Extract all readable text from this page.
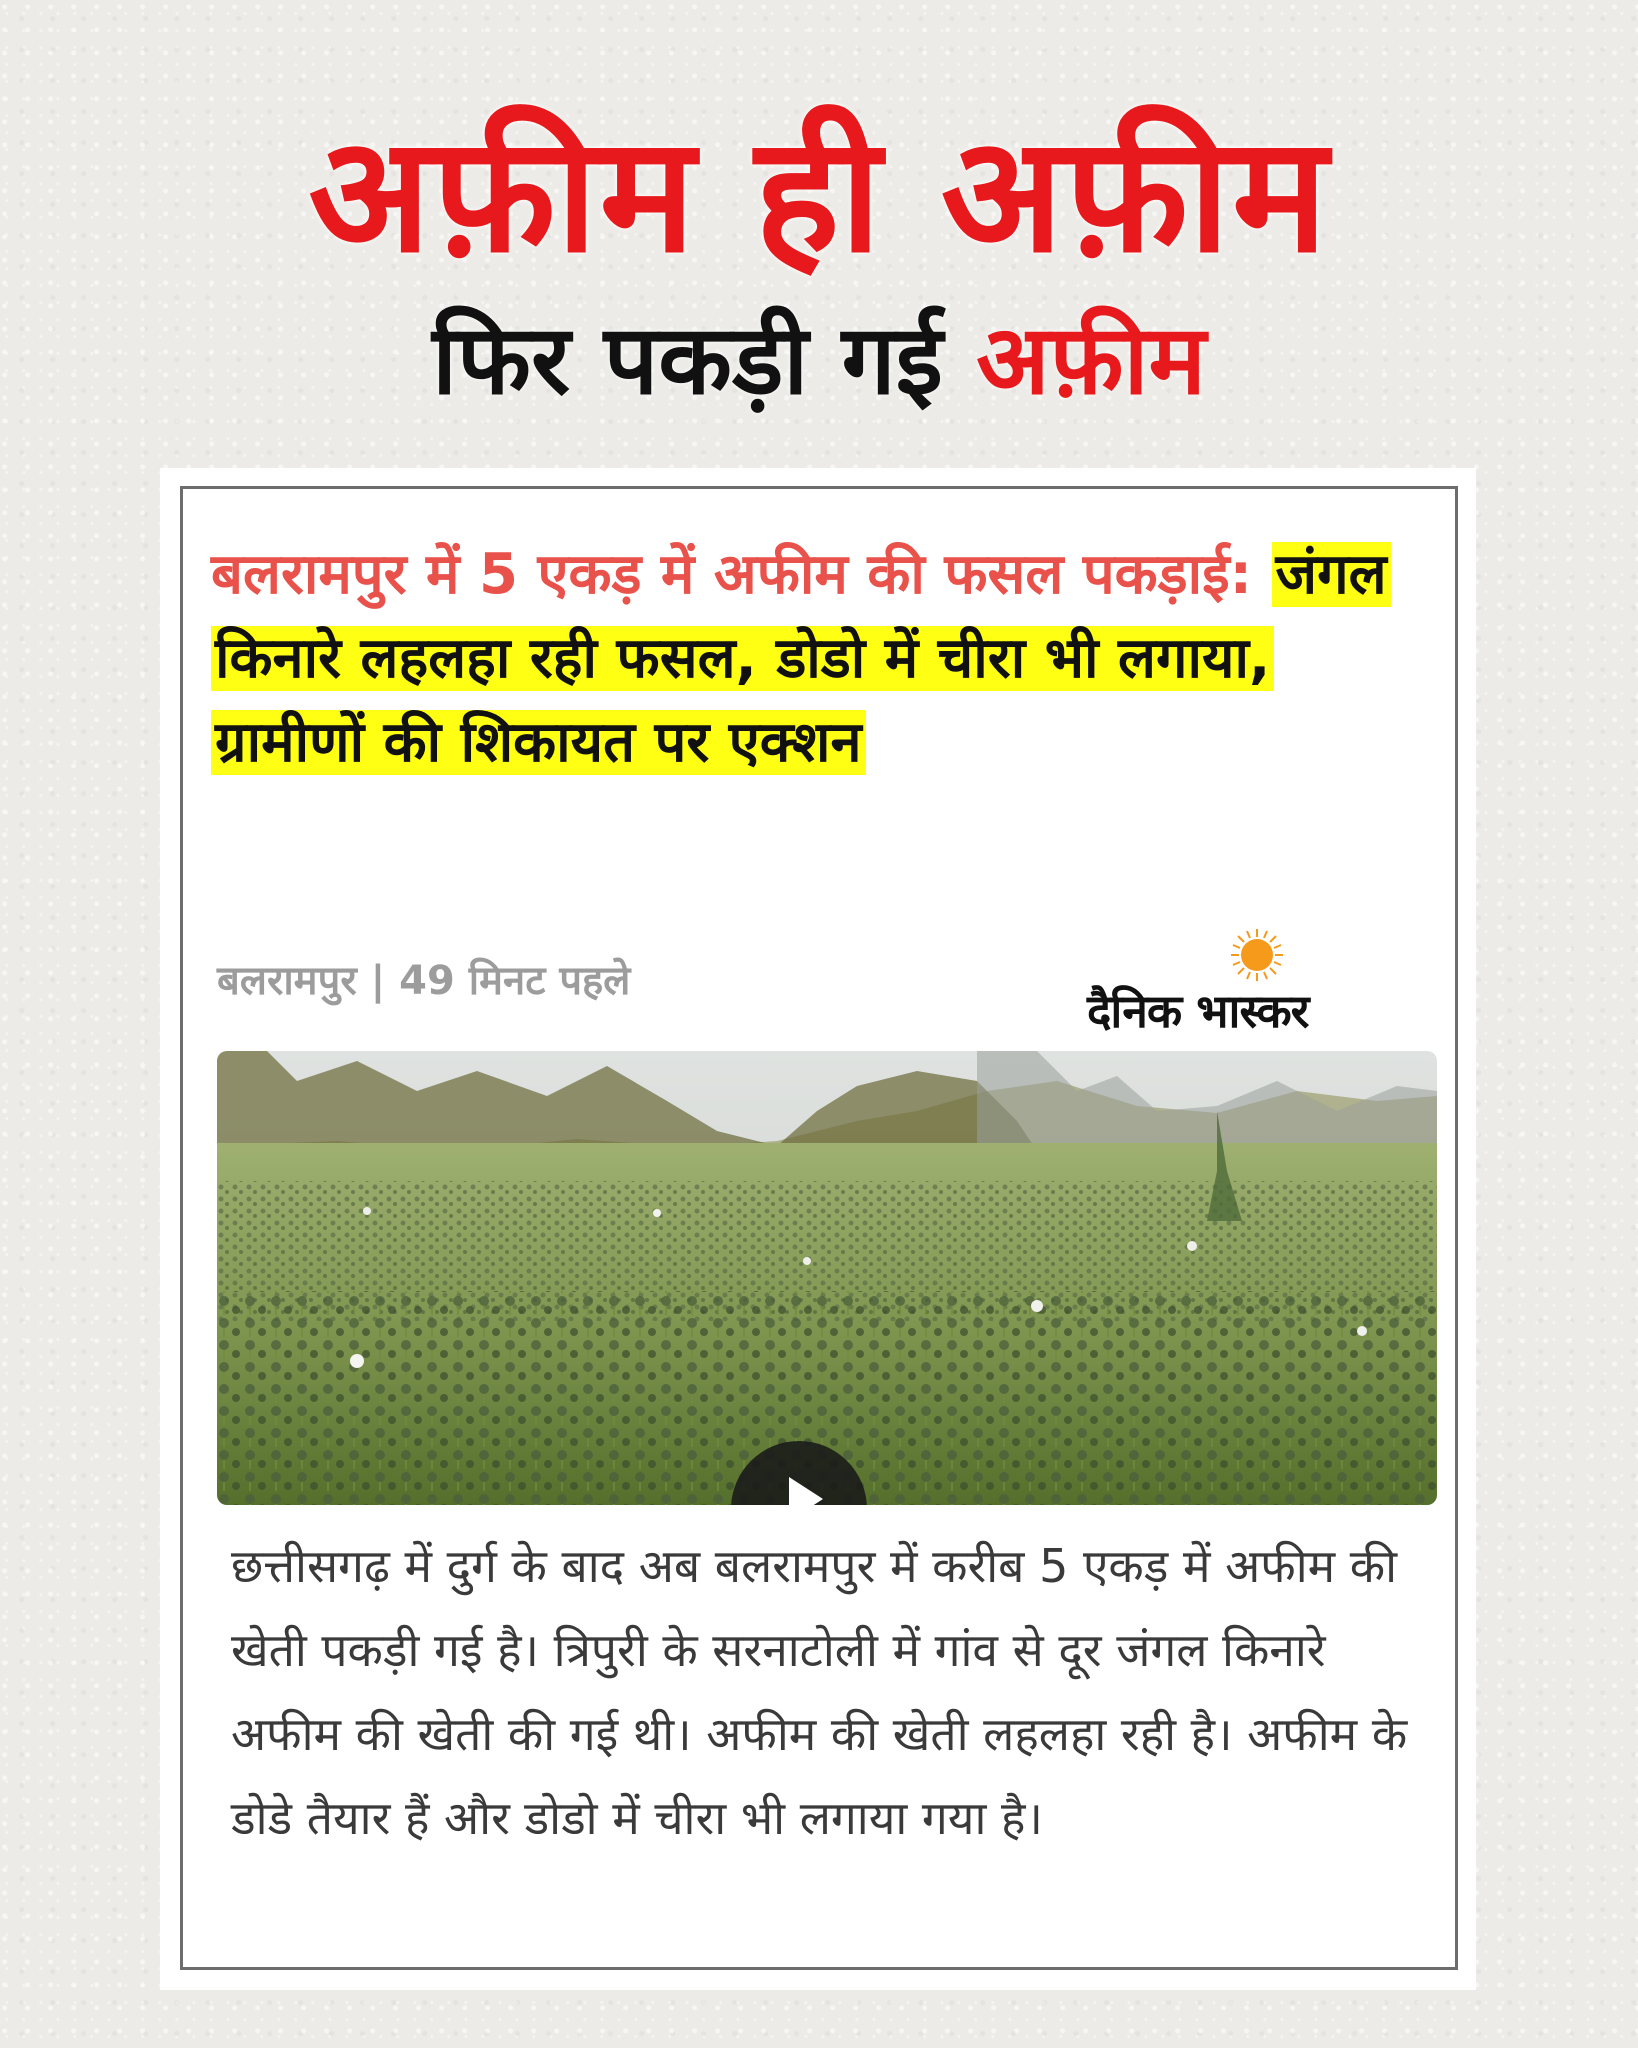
अफ़ीम ही अफ़ीम
फिर पकड़ी गई अफ़ीम
बलरामपुर में 5 एकड़ में अफीम की फसल पकड़ाई: जंगल किनारे लहलहा रही फसल, डोडो में चीरा भी लगाया, ग्रामीणों की शिकायत पर एक्शन
बलरामपुर | 49 मिनट पहले
दैनिक भास्कर
छत्तीसगढ़ में दुर्ग के बाद अब बलरामपुर में करीब 5 एकड़ में अफीम की खेती पकड़ी गई है। त्रिपुरी के सरनाटोली में गांव से दूर जंगल किनारे अफीम की खेती की गई थी। अफीम की खेती लहलहा रही है। अफीम के डोडे तैयार हैं और डोडो में चीरा भी लगाया गया है।
